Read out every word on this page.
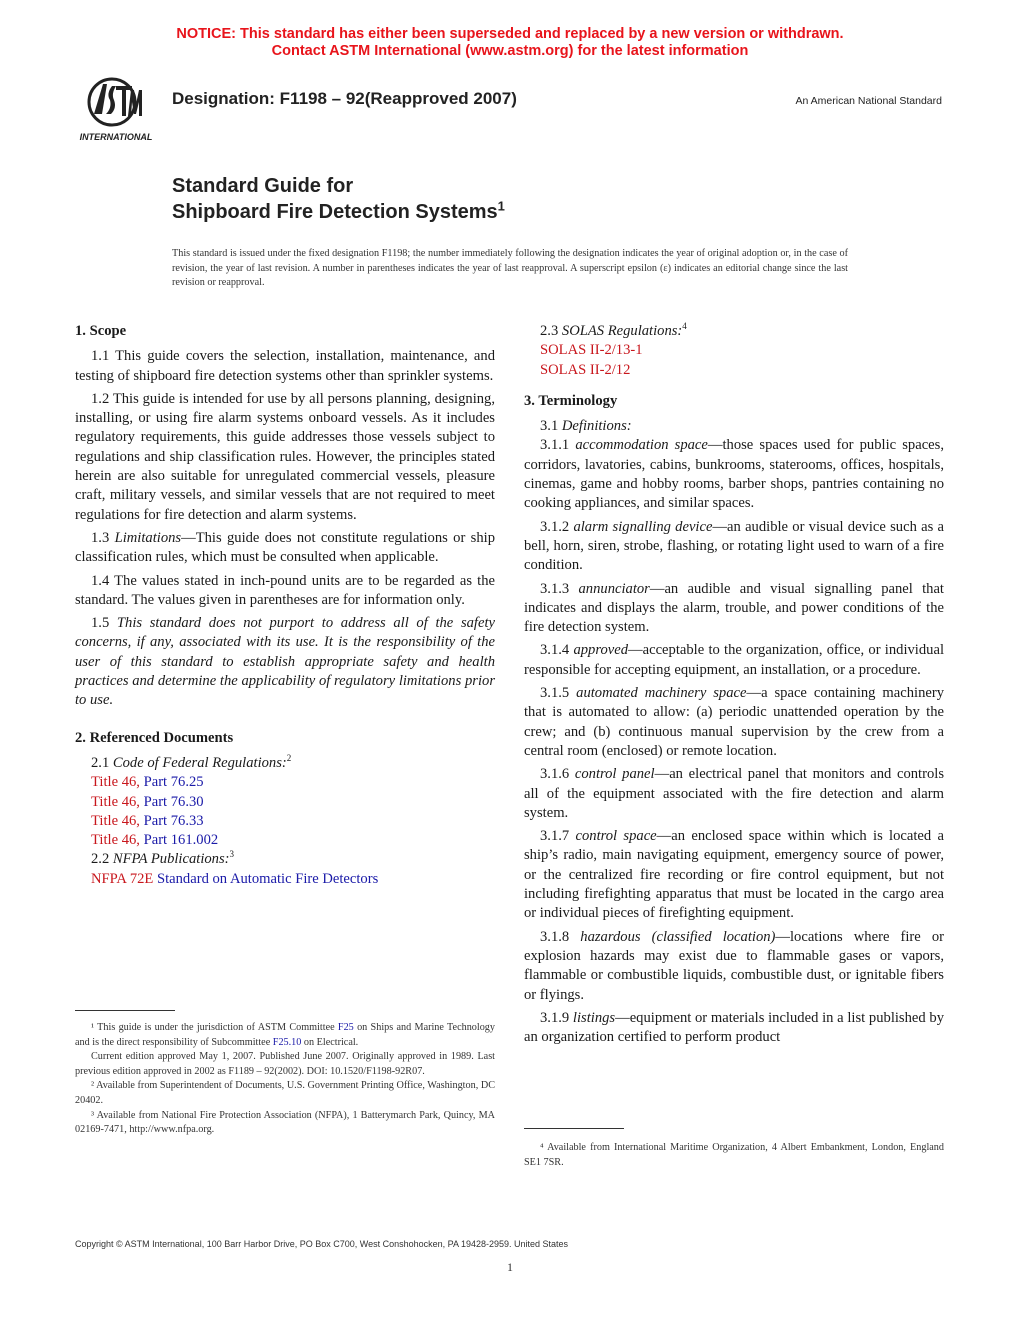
NOTICE: This standard has either been superseded and replaced by a new version or withdrawn.
Contact ASTM International (www.astm.org) for the latest information
INTERNATIONAL
Designation: F1198 – 92(Reapproved 2007)	An American National Standard
Standard Guide for
Shipboard Fire Detection Systems$^1$
This standard is issued under the fixed designation F1198; the number immediately following the designation indicates the year of original adoption or, in the case of revision, the year of last revision. A number in parentheses indicates the year of last reapproval. A superscript epsilon (ε) indicates an editorial change since the last revision or reapproval.
1. Scope

1.1 This guide covers the selection, installation, maintenance, and testing of shipboard fire detection systems other than sprinkler systems.

1.2 This guide is intended for use by all persons planning, designing, installing, or using fire alarm systems onboard vessels. As it includes regulatory requirements, this guide addresses those vessels subject to regulations and ship classification rules. However, the principles stated herein are also suitable for unregulated commercial vessels, pleasure craft, military vessels, and similar vessels that are not required to meet regulations for fire detection and alarm systems.

1.3 Limitations—This guide does not constitute regulations or ship classification rules, which must be consulted when applicable.

1.4 The values stated in inch-pound units are to be regarded as the standard. The values given in parentheses are for information only.

1.5 This standard does not purport to address all of the safety concerns, if any, associated with its use. It is the responsibility of the user of this standard to establish appropriate safety and health practices and determine the applicability of regulatory limitations prior to use.

2. Referenced Documents

2.1 Code of Federal Regulations:$^2$

Title 46, Part 76.25
Title 46, Part 76.30
Title 46, Part 76.33
Title 46, Part 161.002

2.2 NFPA Publications:$^3$

NFPA 72E Standard on Automatic Fire Detectors

2.3 SOLAS Regulations:$^4$

SOLAS II-2/13-1
SOLAS II-2/12
3. Terminology

3.1 Definitions:

3.1.1 accommodation space—those spaces used for public spaces, corridors, lavatories, cabins, bunkrooms, staterooms, offices, hospitals, cinemas, game and hobby rooms, barber shops, pantries containing no cooking appliances, and similar spaces.

3.1.2 alarm signalling device—an audible or visual device such as a bell, horn, siren, strobe, flashing, or rotating light used to warn of a fire condition.

3.1.3 annunciator—an audible and visual signalling panel that indicates and displays the alarm, trouble, and power conditions of the fire detection system.

3.1.4 approved—acceptable to the organization, office, or individual responsible for accepting equipment, an installation, or a procedure.

3.1.5 automated machinery space—a space containing machinery that is automated to allow: (a) periodic unattended operation by the crew; and (b) continuous manual supervision by the crew from a central room (enclosed) or remote location.

3.1.6 control panel—an electrical panel that monitors and controls all of the equipment associated with the fire detection and alarm system.

3.1.7 control space—an enclosed space within which is located a ship’s radio, main navigating equipment, emergency source of power, or the centralized fire recording or fire control equipment, but not including firefighting apparatus that must be located in the cargo area or individual pieces of firefighting equipment.

3.1.8 hazardous (classified location)—locations where fire or explosion hazards may exist due to flammable gases or vapors, flammable or combustible liquids, combustible dust, or ignitable fibers or flyings.

3.1.9 listings—equipment or materials included in a list published by an organization certified to perform product

¹ This guide is under the jurisdiction of ASTM Committee F25 on Ships and Marine Technology and is the direct responsibility of Subcommittee F25.10 on Electrical.

Current edition approved May 1, 2007. Published June 2007. Originally approved in 1989. Last previous edition approved in 2002 as F1189 – 92(2002). DOI: 10.1520/F1198-92R07.

² Available from Superintendent of Documents, U.S. Government Printing Office, Washington, DC 20402.

³ Available from National Fire Protection Association (NFPA), 1 Batterymarch Park, Quincy, MA 02169-7471, http://www.nfpa.org.

⁴ Available from International Maritime Organization, 4 Albert Embankment, London, England SE1 7SR.

Copyright © ASTM International, 100 Barr Harbor Drive, PO Box C700, West Conshohocken, PA 19428-2959. United States
1
